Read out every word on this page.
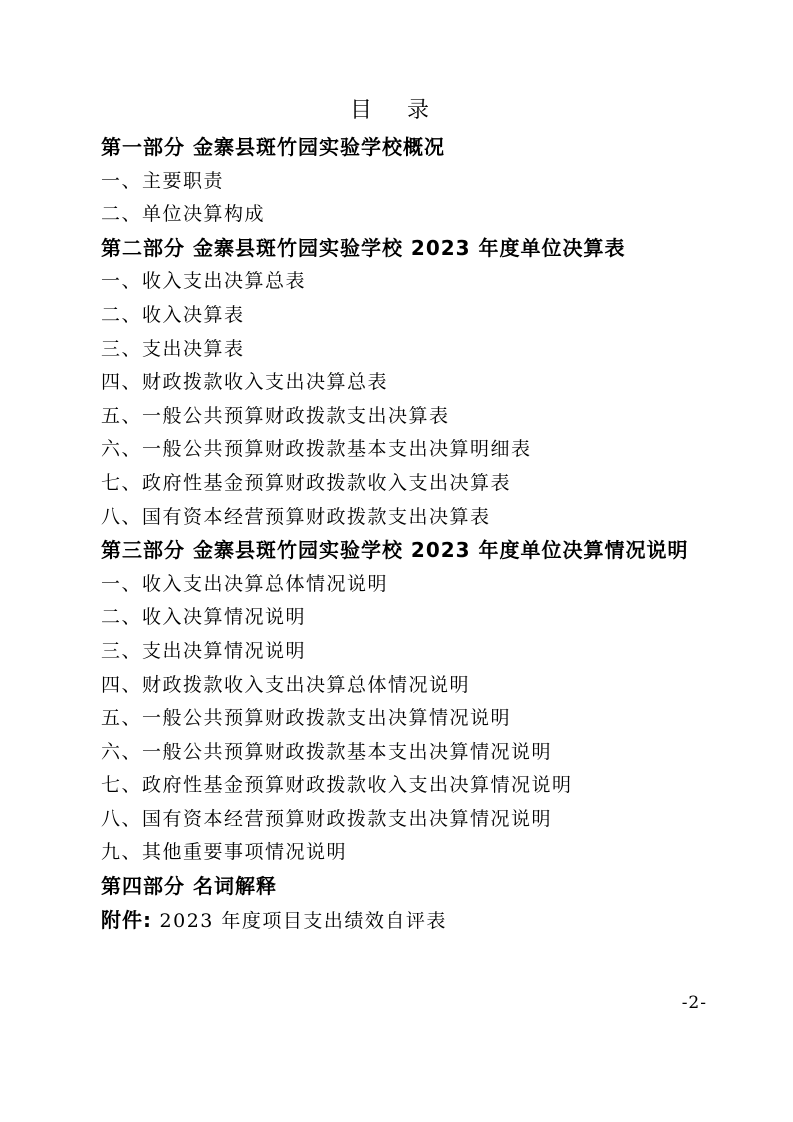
目 录
第一部分 金寨县斑竹园实验学校概况
一、主要职责
二、单位决算构成
第二部分 金寨县斑竹园实验学校 2023 年度单位决算表
一、收入支出决算总表
二、收入决算表
三、支出决算表
四、财政拨款收入支出决算总表
五、一般公共预算财政拨款支出决算表
六、一般公共预算财政拨款基本支出决算明细表
七、政府性基金预算财政拨款收入支出决算表
八、国有资本经营预算财政拨款支出决算表
第三部分 金寨县斑竹园实验学校 2023 年度单位决算情况说明
一、收入支出决算总体情况说明
二、收入决算情况说明
三、支出决算情况说明
四、财政拨款收入支出决算总体情况说明
五、一般公共预算财政拨款支出决算情况说明
六、一般公共预算财政拨款基本支出决算情况说明
七、政府性基金预算财政拨款收入支出决算情况说明
八、国有资本经营预算财政拨款支出决算情况说明
九、其他重要事项情况说明
第四部分 名词解释
附件: 2023 年度项目支出绩效自评表
-2-
